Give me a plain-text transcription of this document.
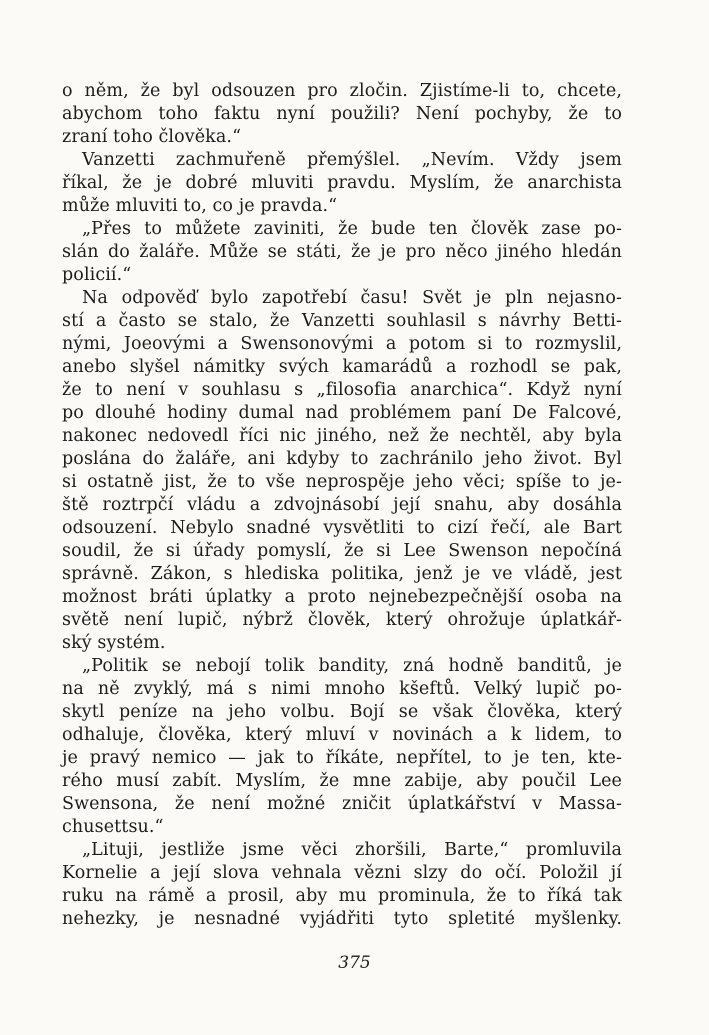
o něm, že byl odsouzen pro zločin. Zjistíme-li to, chcete,
abychom toho faktu nyní použili? Není pochyby, že to
zraní toho člověka.“
Vanzetti zachmuřeně přemýšlel. „Nevím. Vždy jsem
říkal, že je dobré mluviti pravdu. Myslím, že anarchista
může mluviti to, co je pravda.“
„Přes to můžete zaviniti, že bude ten člověk zase po-
slán do žaláře. Může se státi, že je pro něco jiného hledán
policií.“
Na odpověď bylo zapotřebí času! Svět je pln nejasno-
stí a často se stalo, že Vanzetti souhlasil s návrhy Betti-
nými, Joeovými a Swensonovými a potom si to rozmyslil,
anebo slyšel námitky svých kamarádů a rozhodl se pak,
že to není v souhlasu s „filosofia anarchica“. Když nyní
po dlouhé hodiny dumal nad problémem paní De Falcové,
nakonec nedovedl říci nic jiného, než že nechtěl, aby byla
poslána do žaláře, ani kdyby to zachránilo jeho život. Byl
si ostatně jist, že to vše neprospěje jeho věci; spíše to je-
ště roztrpčí vládu a zdvojnásobí její snahu, aby dosáhla
odsouzení. Nebylo snadné vysvětliti to cizí řečí, ale Bart
soudil, že si úřady pomyslí, že si Lee Swenson nepočíná
správně. Zákon, s hlediska politika, jenž je ve vládě, jest
možnost bráti úplatky a proto nejnebezpečnější osoba na
světě není lupič, nýbrž člověk, který ohrožuje úplatkář-
ský systém.
„Politik se nebojí tolik bandity, zná hodně banditů, je
na ně zvyklý, má s nimi mnoho kšeftů. Velký lupič po-
skytl peníze na jeho volbu. Bojí se však člověka, který
odhaluje, člověka, který mluví v novinách a k lidem, to
je pravý nemico — jak to říkáte, nepřítel, to je ten, kte-
rého musí zabít. Myslím, že mne zabije, aby poučil Lee
Swensona, že není možné zničit úplatkářství v Massa-
chusettsu.“
„Lituji, jestliže jsme věci zhoršili, Barte,“ promluvila
Kornelie a její slova vehnala vězni slzy do očí. Položil jí
ruku na rámě a prosil, aby mu prominula, že to říká tak
nehezky, je nesnadné vyjádřiti tyto spletité myšlenky.
375
